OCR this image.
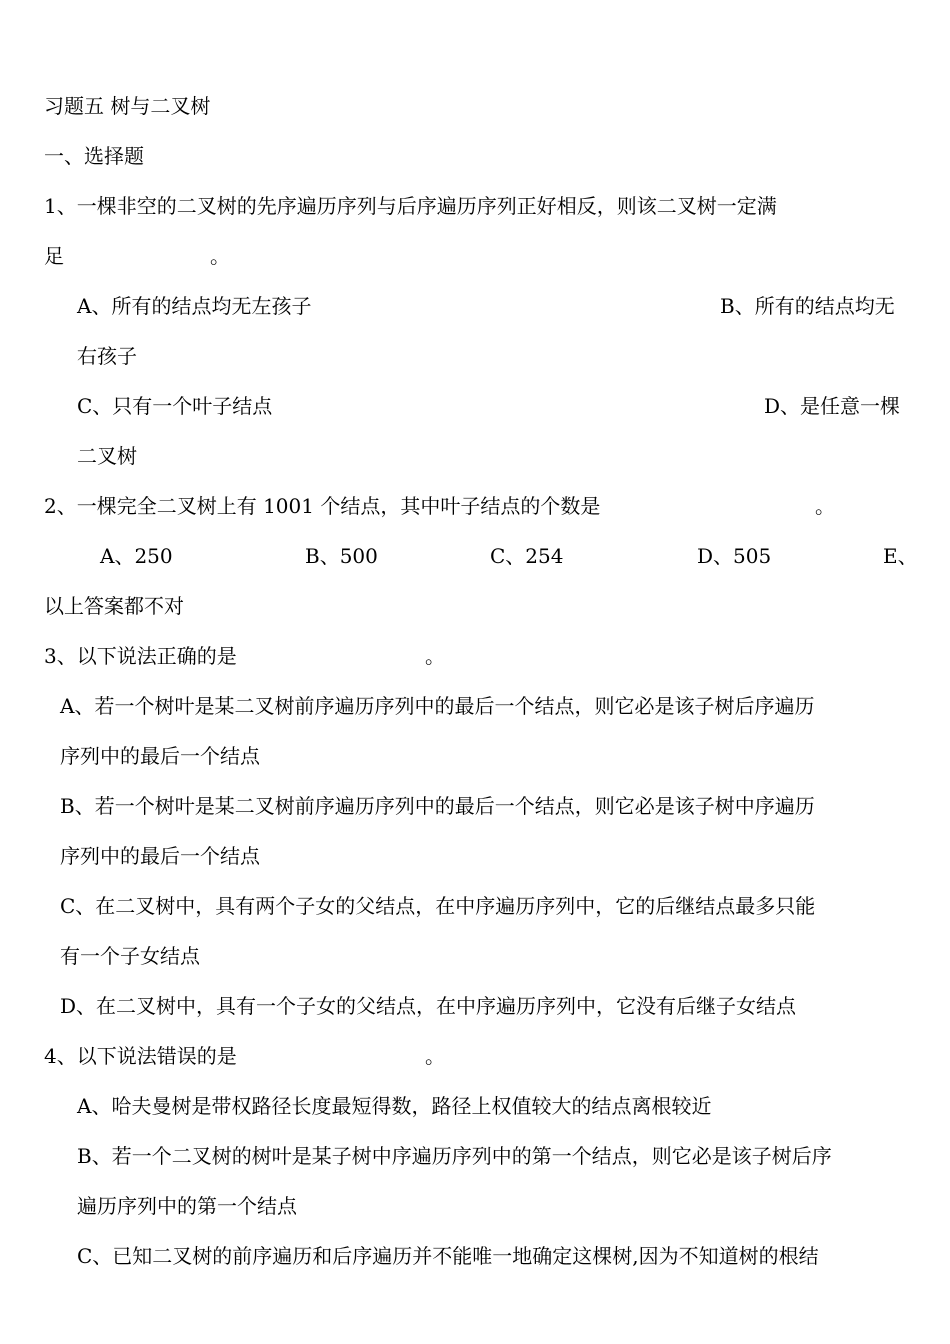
习题五 树与二叉树
一、选择题
1、一棵非空的二叉树的先序遍历序列与后序遍历序列正好相反，则该二叉树一定满
足	。
A、所有的结点均无左孩子	B、所有的结点均无
右孩子
C、只有一个叶子结点	D、是任意一棵
二叉树
2、一棵完全二叉树上有 1001 个结点，其中叶子结点的个数是	。
A、250	B、500	C、254	D、505	E、
以上答案都不对
3、以下说法正确的是	。
A、若一个树叶是某二叉树前序遍历序列中的最后一个结点，则它必是该子树后序遍历
序列中的最后一个结点
B、若一个树叶是某二叉树前序遍历序列中的最后一个结点，则它必是该子树中序遍历
序列中的最后一个结点
C、在二叉树中，具有两个子女的父结点，在中序遍历序列中，它的后继结点最多只能
有一个子女结点
D、在二叉树中，具有一个子女的父结点，在中序遍历序列中，它没有后继子女结点
4、以下说法错误的是	。
A、哈夫曼树是带权路径长度最短得数，路径上权值较大的结点离根较近
B、若一个二叉树的树叶是某子树中序遍历序列中的第一个结点，则它必是该子树后序
遍历序列中的第一个结点
C、已知二叉树的前序遍历和后序遍历并不能唯一地确定这棵树,因为不知道树的根结
